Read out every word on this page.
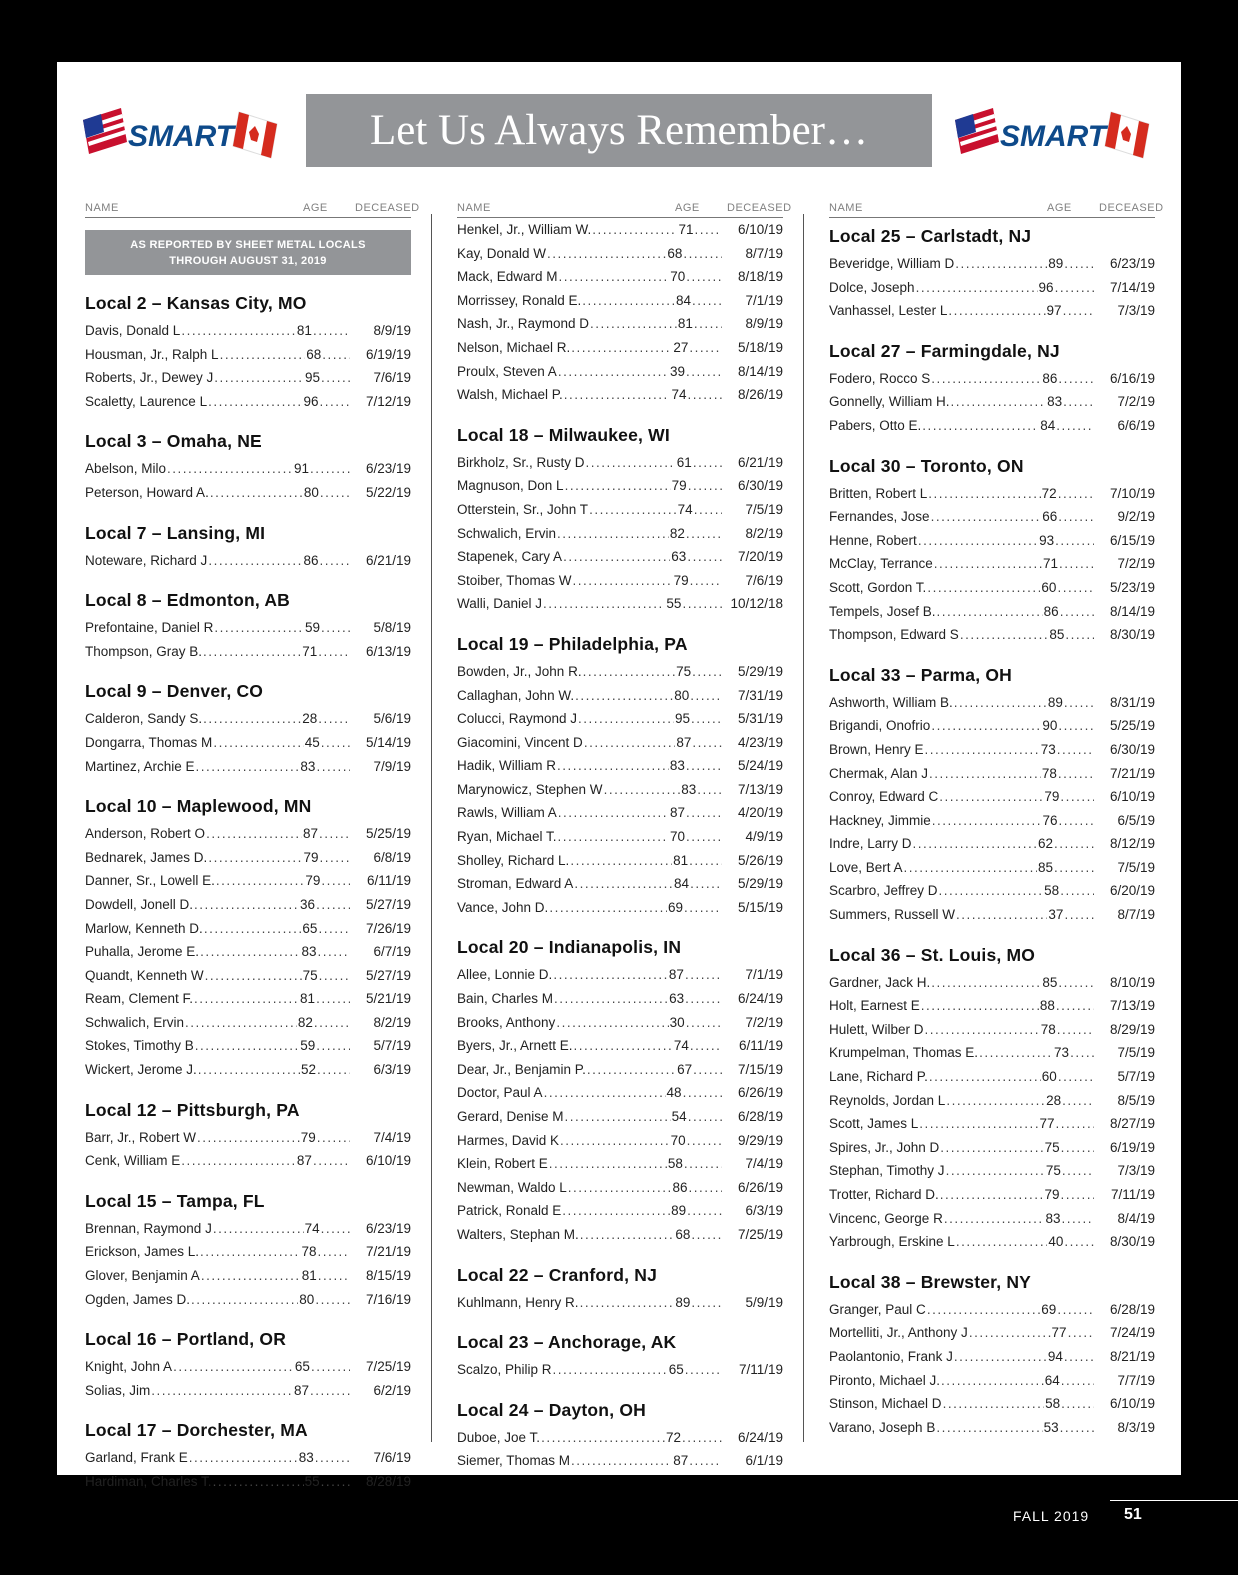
SMART	Let Us Always Remember…	SMART
NAME	AGE	DECEASED
AS REPORTED BY SHEET METAL LOCALS
THROUGH AUGUST 31, 2019
Local 2 – Kansas City, MO
Davis, Donald L .....	81 .....	8/9/19
Housman, Jr., Ralph L .....	68 .....	6/19/19
Roberts, Jr., Dewey J .....	95 .....	7/6/19
Scaletty, Laurence L .....	96 .....	7/12/19
Local 3 – Omaha, NE
Abelson, Milo .....	91 .....	6/23/19
Peterson, Howard A. .....	80 .....	5/22/19
Local 7 – Lansing, MI
Noteware, Richard J .....	86 .....	6/21/19
Local 8 – Edmonton, AB
Prefontaine, Daniel R .....	59 .....	5/8/19
Thompson, Gray B. .....	71 .....	6/13/19
Local 9 – Denver, CO
Calderon, Sandy S. .....	28 .....	5/6/19
Dongarra, Thomas M .....	45 .....	5/14/19
Martinez, Archie E .....	83 .....	7/9/19
Local 10 – Maplewood, MN
Anderson, Robert O .....	87 .....	5/25/19
Bednarek, James D. .....	79 .....	6/8/19
Danner, Sr., Lowell E. .....	79 .....	6/11/19
Dowdell, Jonell D. .....	36 .....	5/27/19
Marlow, Kenneth D. .....	65 .....	7/26/19
Puhalla, Jerome E. .....	83 .....	6/7/19
Quandt, Kenneth W .....	75 .....	5/27/19
Ream, Clement F. .....	81 .....	5/21/19
Schwalich, Ervin .....	82 .....	8/2/19
Stokes, Timothy B .....	59 .....	5/7/19
Wickert, Jerome J. .....	52 .....	6/3/19
Local 12 – Pittsburgh, PA
Barr, Jr., Robert W .....	79 .....	7/4/19
Cenk, William E .....	87 .....	6/10/19
Local 15 – Tampa, FL
Brennan, Raymond J .....	74 .....	6/23/19
Erickson, James L. .....	78 .....	7/21/19
Glover, Benjamin A .....	81 .....	8/15/19
Ogden, James D. .....	80 .....	7/16/19
Local 16 – Portland, OR
Knight, John A .....	65 .....	7/25/19
Solias, Jim .....	87 .....	6/2/19
Local 17 – Dorchester, MA
Garland, Frank E .....	83 .....	7/6/19
Hardiman, Charles T. .....	55 .....	8/28/19
NAME	AGE	DECEASED
Henkel, Jr., William W. .....	71 .....	6/10/19
Kay, Donald W .....	68 .....	8/7/19
Mack, Edward M .....	70 .....	8/18/19
Morrissey, Ronald E. .....	84 .....	7/1/19
Nash, Jr., Raymond D .....	81 .....	8/9/19
Nelson, Michael R. .....	27 .....	5/18/19
Proulx, Steven A .....	39 .....	8/14/19
Walsh, Michael P. .....	74 .....	8/26/19
Local 18 – Milwaukee, WI
Birkholz, Sr., Rusty D .....	61 .....	6/21/19
Magnuson, Don L .....	79 .....	6/30/19
Otterstein, Sr., John T .....	74 .....	7/5/19
Schwalich, Ervin .....	82 .....	8/2/19
Stapenek, Cary A .....	63 .....	7/20/19
Stoiber, Thomas W .....	79 .....	7/6/19
Walli, Daniel J .....	55 .....	10/12/18
Local 19 – Philadelphia, PA
Bowden, Jr., John R. .....	75 .....	5/29/19
Callaghan, John W. .....	80 .....	7/31/19
Colucci, Raymond J .....	95 .....	5/31/19
Giacomini, Vincent D .....	87 .....	4/23/19
Hadik, William R .....	83 .....	5/24/19
Marynowicz, Stephen W .....	83 .....	7/13/19
Rawls, William A .....	87 .....	4/20/19
Ryan, Michael T. .....	70 .....	4/9/19
Sholley, Richard L. .....	81 .....	5/26/19
Stroman, Edward A .....	84 .....	5/29/19
Vance, John D. .....	69 .....	5/15/19
Local 20 – Indianapolis, IN
Allee, Lonnie D. .....	87 .....	7/1/19
Bain, Charles M .....	63 .....	6/24/19
Brooks, Anthony .....	30 .....	7/2/19
Byers, Jr., Arnett E. .....	74 .....	6/11/19
Dear, Jr., Benjamin P. .....	67 .....	7/15/19
Doctor, Paul A .....	48 .....	6/26/19
Gerard, Denise M .....	54 .....	6/28/19
Harmes, David K .....	70 .....	9/29/19
Klein, Robert E .....	58 .....	7/4/19
Newman, Waldo L .....	86 .....	6/26/19
Patrick, Ronald E .....	89 .....	6/3/19
Walters, Stephan M. .....	68 .....	7/25/19
Local 22 – Cranford, NJ
Kuhlmann, Henry R. .....	89 .....	5/9/19
Local 23 – Anchorage, AK
Scalzo, Philip R .....	65 .....	7/11/19
Local 24 – Dayton, OH
Duboe, Joe T. .....	72 .....	6/24/19
Siemer, Thomas M .....	87 .....	6/1/19
NAME	AGE	DECEASED
Local 25 – Carlstadt, NJ
Beveridge, William D .....	89 .....	6/23/19
Dolce, Joseph .....	96 .....	7/14/19
Vanhassel, Lester L .....	97 .....	7/3/19
Local 27 – Farmingdale, NJ
Fodero, Rocco S .....	86 .....	6/16/19
Gonnelly, William H. .....	83 .....	7/2/19
Pabers, Otto E. .....	84 .....	6/6/19
Local 30 – Toronto, ON
Britten, Robert L .....	72 .....	7/10/19
Fernandes, Jose .....	66 .....	9/2/19
Henne, Robert .....	93 .....	6/15/19
McClay, Terrance .....	71 .....	7/2/19
Scott, Gordon T. .....	60 .....	5/23/19
Tempels, Josef B. .....	86 .....	8/14/19
Thompson, Edward S .....	85 .....	8/30/19
Local 33 – Parma, OH
Ashworth, William B. .....	89 .....	8/31/19
Brigandi, Onofrio .....	90 .....	5/25/19
Brown, Henry E .....	73 .....	6/30/19
Chermak, Alan J .....	78 .....	7/21/19
Conroy, Edward C .....	79 .....	6/10/19
Hackney, Jimmie .....	76 .....	6/5/19
Indre, Larry D .....	62 .....	8/12/19
Love, Bert A .....	85 .....	7/5/19
Scarbro, Jeffrey D .....	58 .....	6/20/19
Summers, Russell W .....	37 .....	8/7/19
Local 36 – St. Louis, MO
Gardner, Jack H. .....	85 .....	8/10/19
Holt, Earnest E .....	88 .....	7/13/19
Hulett, Wilber D .....	78 .....	8/29/19
Krumpelman, Thomas E. .....	73 .....	7/5/19
Lane, Richard P. .....	60 .....	5/7/19
Reynolds, Jordan L .....	28 .....	8/5/19
Scott, James L .....	77 .....	8/27/19
Spires, Jr., John D .....	75 .....	6/19/19
Stephan, Timothy J .....	75 .....	7/3/19
Trotter, Richard D. .....	79 .....	7/11/19
Vincenc, George R .....	83 .....	8/4/19
Yarbrough, Erskine L .....	40 .....	8/30/19
Local 38 – Brewster, NY
Granger, Paul C .....	69 .....	6/28/19
Mortelliti, Jr., Anthony J .....	77 .....	7/24/19
Paolantonio, Frank J .....	94 .....	8/21/19
Pironto, Michael J. .....	64 .....	7/7/19
Stinson, Michael D .....	58 .....	6/10/19
Varano, Joseph B .....	53 .....	8/3/19
FALL 2019 51
